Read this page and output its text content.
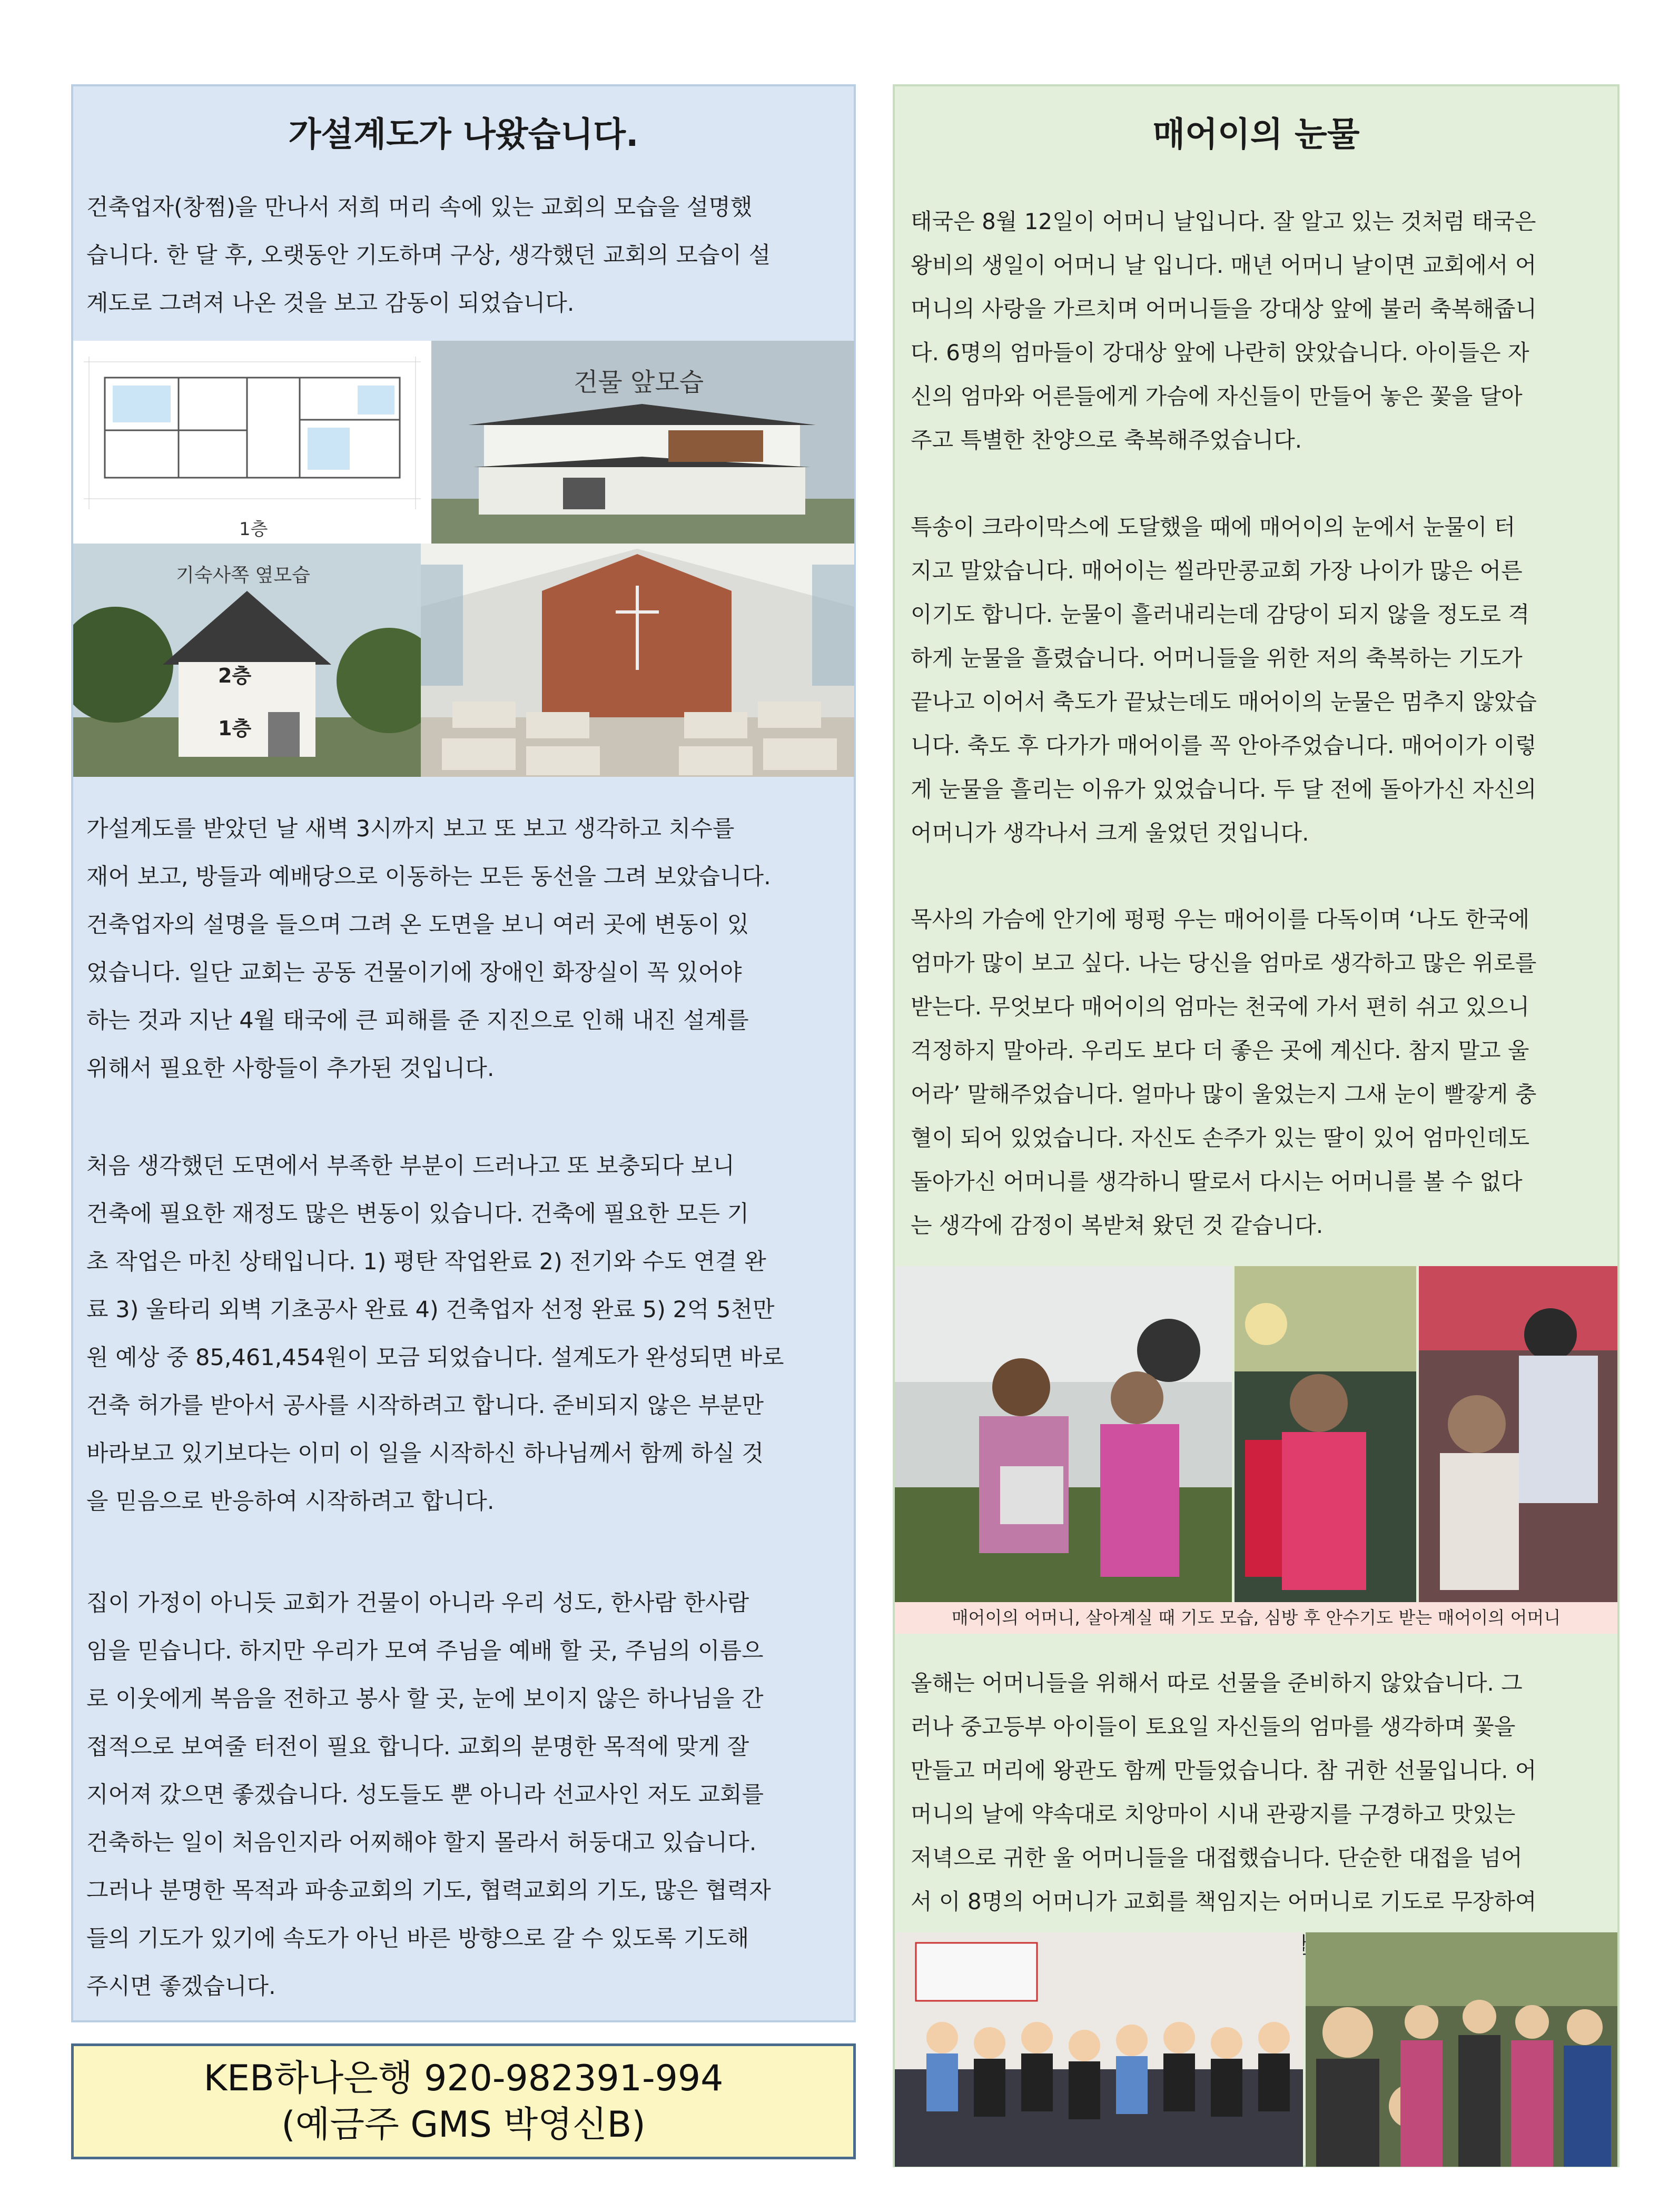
가설계도가 나왔습니다.
건축업자(창쩜)을 만나서 저희 머리 속에 있는 교회의 모습을 설명했
습니다. 한 달 후, 오랫동안 기도하며 구상, 생각했던 교회의 모습이 설
계도로 그려져 나온 것을 보고 감동이 되었습니다.
1층
건물 앞모습
기숙사쪽 옆모습
2층
1층
가설계도를 받았던 날 새벽 3시까지 보고 또 보고 생각하고 치수를
재어 보고, 방들과 예배당으로 이동하는 모든 동선을 그려 보았습니다.
건축업자의 설명을 들으며 그려 온 도면을 보니 여러 곳에 변동이 있
었습니다. 일단 교회는 공동 건물이기에 장애인 화장실이 꼭 있어야
하는 것과 지난 4월 태국에 큰 피해를 준 지진으로 인해 내진 설계를
위해서 필요한 사항들이 추가된 것입니다.
처음 생각했던 도면에서 부족한 부분이 드러나고 또 보충되다 보니
건축에 필요한 재정도 많은 변동이 있습니다. 건축에 필요한 모든 기
초 작업은 마친 상태입니다. 1) 평탄 작업완료 2) 전기와 수도 연결 완
료 3) 울타리 외벽 기초공사 완료 4) 건축업자 선정 완료 5) 2억 5천만
원 예상 중 85,461,454원이 모금 되었습니다. 설계도가 완성되면 바로
건축 허가를 받아서 공사를 시작하려고 합니다. 준비되지 않은 부분만
바라보고 있기보다는 이미 이 일을 시작하신 하나님께서 함께 하실 것
을 믿음으로 반응하여 시작하려고 합니다.
집이 가정이 아니듯 교회가 건물이 아니라 우리 성도, 한사람 한사람
임을 믿습니다. 하지만 우리가 모여 주님을 예배 할 곳, 주님의 이름으
로 이웃에게 복음을 전하고 봉사 할 곳, 눈에 보이지 않은 하나님을 간
접적으로 보여줄 터전이 필요 합니다. 교회의 분명한 목적에 맞게 잘
지어져 갔으면 좋겠습니다. 성도들도 뿐 아니라 선교사인 저도 교회를
건축하는 일이 처음인지라 어찌해야 할지 몰라서 허둥대고 있습니다.
그러나 분명한 목적과 파송교회의 기도, 협력교회의 기도, 많은 협력자
들의 기도가 있기에 속도가 아닌 바른 방향으로 갈 수 있도록 기도해
주시면 좋겠습니다.
KEB하나은행 920-982391-994
(예금주 GMS 박영신B)
매어이의 눈물
태국은 8월 12일이 어머니 날입니다. 잘 알고 있는 것처럼 태국은
왕비의 생일이 어머니 날 입니다. 매년 어머니 날이면 교회에서 어
머니의 사랑을 가르치며 어머니들을 강대상 앞에 불러 축복해줍니
다. 6명의 엄마들이 강대상 앞에 나란히 앉았습니다. 아이들은 자
신의 엄마와 어른들에게 가슴에 자신들이 만들어 놓은 꽃을 달아
주고 특별한 찬양으로 축복해주었습니다.
특송이 크라이막스에 도달했을 때에 매어이의 눈에서 눈물이 터
지고 말았습니다. 매어이는 씰라만콩교회 가장 나이가 많은 어른
이기도 합니다. 눈물이 흘러내리는데 감당이 되지 않을 정도로 격
하게 눈물을 흘렸습니다. 어머니들을 위한 저의 축복하는 기도가
끝나고 이어서 축도가 끝났는데도 매어이의 눈물은 멈추지 않았습
니다. 축도 후 다가가 매어이를 꼭 안아주었습니다. 매어이가 이렇
게 눈물을 흘리는 이유가 있었습니다. 두 달 전에 돌아가신 자신의
어머니가 생각나서 크게 울었던 것입니다.
목사의 가슴에 안기에 펑펑 우는 매어이를 다독이며 ‘나도 한국에
엄마가 많이 보고 싶다. 나는 당신을 엄마로 생각하고 많은 위로를
받는다. 무엇보다 매어이의 엄마는 천국에 가서 편히 쉬고 있으니
걱정하지 말아라. 우리도 보다 더 좋은 곳에 계신다. 참지 말고 울
어라’ 말해주었습니다. 얼마나 많이 울었는지 그새 눈이 빨갛게 충
혈이 되어 있었습니다. 자신도 손주가 있는 딸이 있어 엄마인데도
돌아가신 어머니를 생각하니 딸로서 다시는 어머니를 볼 수 없다
는 생각에 감정이 복받쳐 왔던 것 같습니다.
매어이의 어머니, 살아계실 때 기도 모습, 심방 후 안수기도 받는 매어이의 어머니
올해는 어머니들을 위해서 따로 선물을 준비하지 않았습니다. 그
러나 중고등부 아이들이 토요일 자신들의 엄마를 생각하며 꽃을
만들고 머리에 왕관도 함께 만들었습니다. 참 귀한 선물입니다. 어
머니의 날에 약속대로 치앙마이 시내 관광지를 구경하고 맛있는
저녁으로 귀한 울 어머니들을 대접했습니다. 단순한 대접을 넘어
서 이 8명의 어머니가 교회를 책임지는 어머니로 기도로 무장하여
